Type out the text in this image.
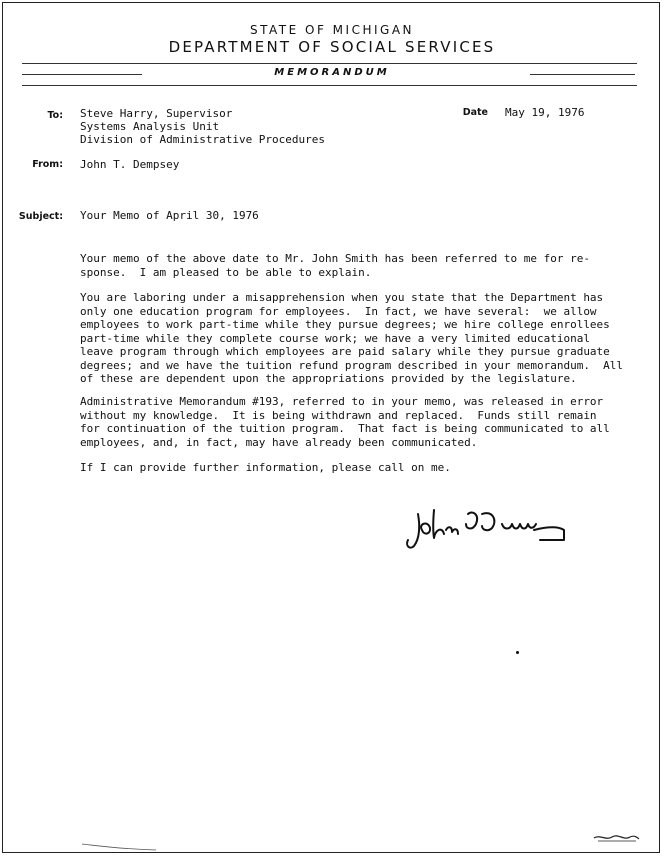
STATE OF MICHIGAN
DEPARTMENT OF SOCIAL SERVICES
MEMORANDUM
To: Steve Harry, Supervisor
Systems Analysis Unit
Division of Administrative Procedures
Date May 19, 1976
From: John T. Dempsey
Subject: Your Memo of April 30, 1976
Your memo of the above date to Mr. John Smith has been referred to me for re-
sponse.  I am pleased to be able to explain.
You are laboring under a misapprehension when you state that the Department has
only one education program for employees.  In fact, we have several:  we allow
employees to work part-time while they pursue degrees; we hire college enrollees
part-time while they complete course work; we have a very limited educational
leave program through which employees are paid salary while they pursue graduate
degrees; and we have the tuition refund program described in your memorandum.  All
of these are dependent upon the appropriations provided by the legislature.
Administrative Memorandum #193, referred to in your memo, was released in error
without my knowledge.  It is being withdrawn and replaced.  Funds still remain
for continuation of the tuition program.  That fact is being communicated to all
employees, and, in fact, may have already been communicated.
If I can provide further information, please call on me.
